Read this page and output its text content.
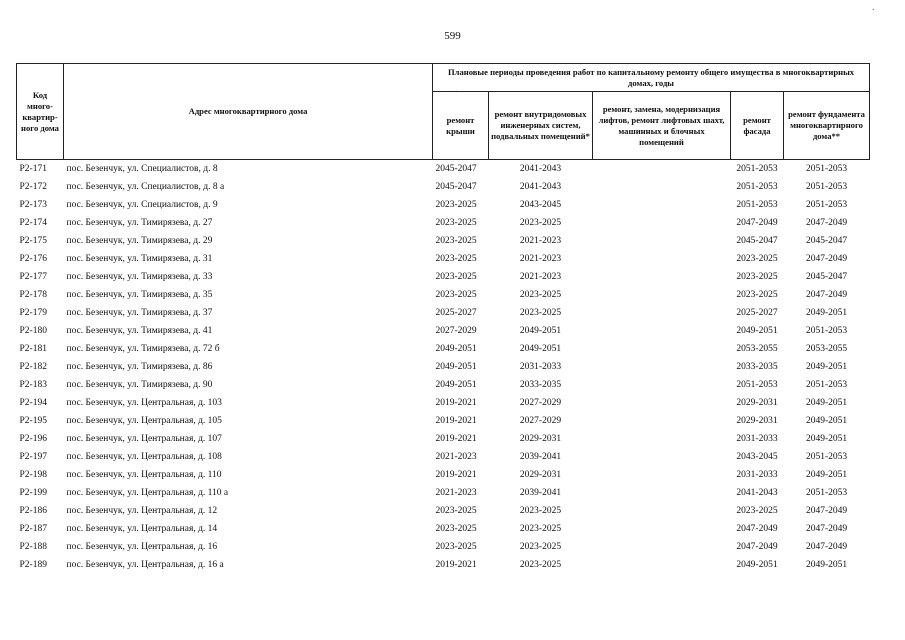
599
.
.
Код много-квартир-ного дома	Адрес многоквартирного дома	Плановые периоды проведения работ по капитальному ремонту общего имущества в многоквартирных домах, годы				
		ремонт крыши	ремонт внутридомовых инженерных систем, подвальных помещений*	ремонт, замена, модернизация лифтов, ремонт лифтовых шахт, машинных и блочных помещений	ремонт фасада	ремонт фундамента многоквартирного дома**
Р2-171	пос. Безенчук, ул. Специалистов, д. 8	2045-2047	2041-2043		2051-2053	2051-2053
Р2-172	пос. Безенчук, ул. Специалистов, д. 8 а	2045-2047	2041-2043		2051-2053	2051-2053
Р2-173	пос. Безенчук, ул. Специалистов, д. 9	2023-2025	2043-2045		2051-2053	2051-2053
Р2-174	пос. Безенчук, ул. Тимирязева, д. 27	2023-2025	2023-2025		2047-2049	2047-2049
Р2-175	пос. Безенчук, ул. Тимирязева, д. 29	2023-2025	2021-2023		2045-2047	2045-2047
Р2-176	пос. Безенчук, ул. Тимирязева, д. 31	2023-2025	2021-2023		2023-2025	2047-2049
Р2-177	пос. Безенчук, ул. Тимирязева, д. 33	2023-2025	2021-2023		2023-2025	2045-2047
Р2-178	пос. Безенчук, ул. Тимирязева, д. 35	2023-2025	2023-2025		2023-2025	2047-2049
Р2-179	пос. Безенчук, ул. Тимирязева, д. 37	2025-2027	2023-2025		2025-2027	2049-2051
Р2-180	пос. Безенчук, ул. Тимирязева, д. 41	2027-2029	2049-2051		2049-2051	2051-2053
Р2-181	пос. Безенчук, ул. Тимирязева, д. 72 б	2049-2051	2049-2051		2053-2055	2053-2055
Р2-182	пос. Безенчук, ул. Тимирязева, д. 86	2049-2051	2031-2033		2033-2035	2049-2051
Р2-183	пос. Безенчук, ул. Тимирязева, д. 90	2049-2051	2033-2035		2051-2053	2051-2053
Р2-194	пос. Безенчук, ул. Центральная, д. 103	2019-2021	2027-2029		2029-2031	2049-2051
Р2-195	пос. Безенчук, ул. Центральная, д. 105	2019-2021	2027-2029		2029-2031	2049-2051
Р2-196	пос. Безенчук, ул. Центральная, д. 107	2019-2021	2029-2031		2031-2033	2049-2051
Р2-197	пос. Безенчук, ул. Центральная, д. 108	2021-2023	2039-2041		2043-2045	2051-2053
Р2-198	пос. Безенчук, ул. Центральная, д. 110	2019-2021	2029-2031		2031-2033	2049-2051
Р2-199	пос. Безенчук, ул. Центральная, д. 110 а	2021-2023	2039-2041		2041-2043	2051-2053
Р2-186	пос. Безенчук, ул. Центральная, д. 12	2023-2025	2023-2025		2023-2025	2047-2049
Р2-187	пос. Безенчук, ул. Центральная, д. 14	2023-2025	2023-2025		2047-2049	2047-2049
Р2-188	пос. Безенчук, ул. Центральная, д. 16	2023-2025	2023-2025		2047-2049	2047-2049
Р2-189	пос. Безенчук, ул. Центральная, д. 16 а	2019-2021	2023-2025		2049-2051	2049-2051
